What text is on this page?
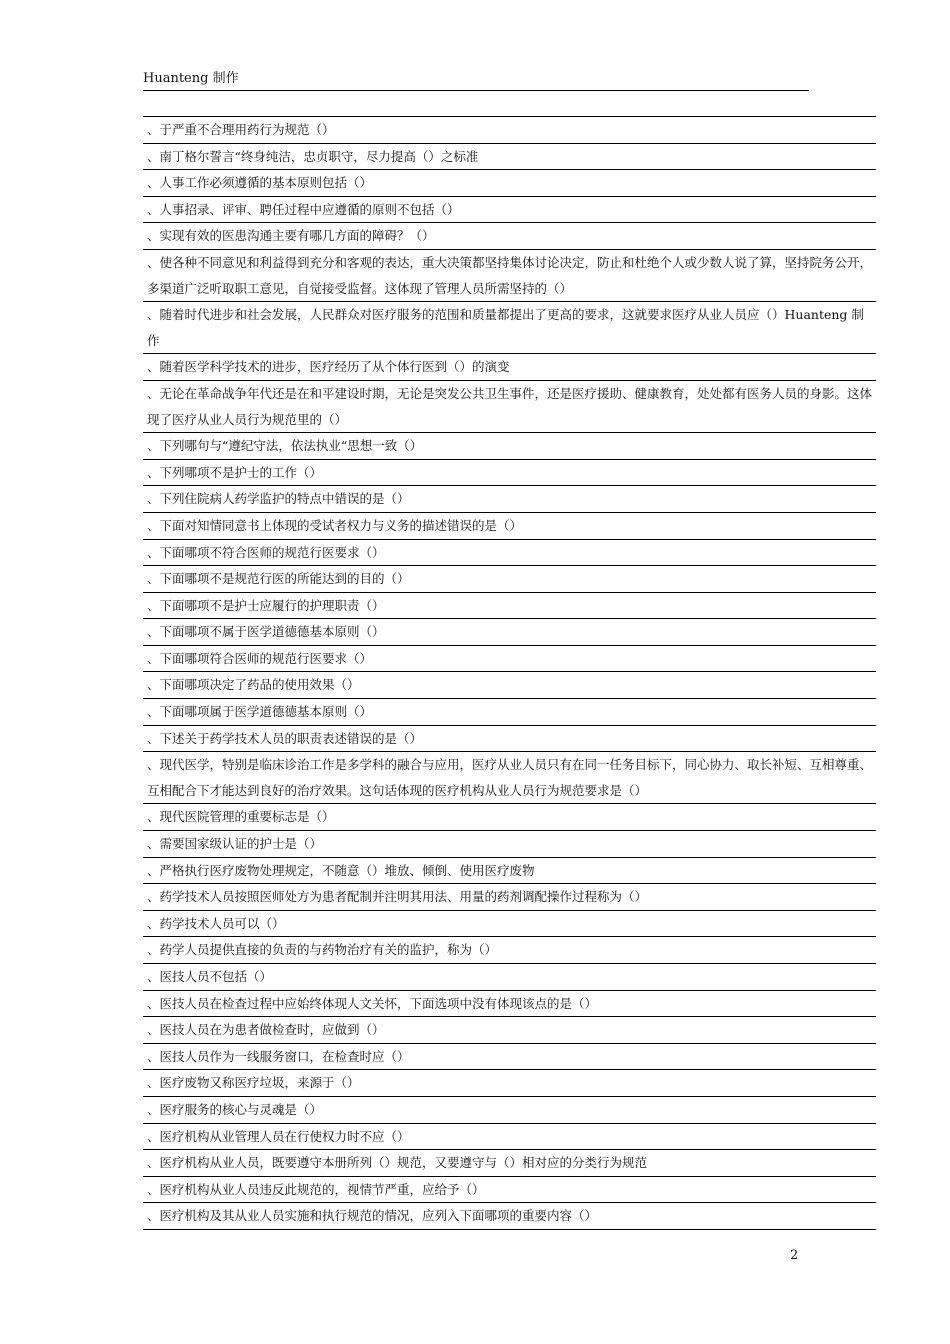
Huanteng 制作
、于严重不合理用药行为规范（）
、南丁格尔誓言“终身纯洁，忠贞职守，尽力提高（）之标准
、人事工作必须遵循的基本原则包括（）
、人事招录、评审、聘任过程中应遵循的原则不包括（）
、实现有效的医患沟通主要有哪几方面的障碍？（）
、使各种不同意见和利益得到充分和客观的表达，重大决策都坚持集体讨论决定，防止和杜绝个人或少数人说了算，坚持院务公开，多渠道广泛听取职工意见，自觉接受监督。这体现了管理人员所需坚持的（）
、随着时代进步和社会发展，人民群众对医疗服务的范围和质量都提出了更高的要求，这就要求医疗从业人员应（）Huanteng 制作
、随着医学科学技术的进步，医疗经历了从个体行医到（）的演变
、无论在革命战争年代还是在和平建设时期，无论是突发公共卫生事件，还是医疗援助、健康教育，处处都有医务人员的身影。这体现了医疗从业人员行为规范里的（）
、下列哪句与“遵纪守法，依法执业“思想一致（）
、下列哪项不是护士的工作（）
、下列住院病人药学监护的特点中错误的是（）
、下面对知情同意书上体现的受试者权力与义务的描述错误的是（）
、下面哪项不符合医师的规范行医要求（）
、下面哪项不是规范行医的所能达到的目的（）
、下面哪项不是护士应履行的护理职责（）
、下面哪项不属于医学道德德基本原则（）
、下面哪项符合医师的规范行医要求（）
、下面哪项决定了药品的使用效果（）
、下面哪项属于医学道德德基本原则（）
、下述关于药学技术人员的职责表述错误的是（）
、现代医学，特别是临床诊治工作是多学科的融合与应用，医疗从业人员只有在同一任务目标下，同心协力、取长补短、互相尊重、互相配合下才能达到良好的治疗效果。这句话体现的医疗机构从业人员行为规范要求是（）
、现代医院管理的重要标志是（）
、需要国家级认证的护士是（）
、严格执行医疗废物处理规定，不随意（）堆放、倾倒、使用医疗废物
、药学技术人员按照医师处方为患者配制并注明其用法、用量的药剂调配操作过程称为（）
、药学技术人员可以（）
、药学人员提供直接的负责的与药物治疗有关的监护，称为（）
、医技人员不包括（）
、医技人员在检查过程中应始终体现人文关怀，下面选项中没有体现该点的是（）
、医技人员在为患者做检查时，应做到（）
、医技人员作为一线服务窗口，在检查时应（）
、医疗废物又称医疗垃圾，来源于（）
、医疗服务的核心与灵魂是（）
、医疗机构从业管理人员在行使权力时不应（）
、医疗机构从业人员，既要遵守本册所列（）规范，又要遵守与（）相对应的分类行为规范
、医疗机构从业人员违反此规范的，视情节严重，应给予（）
、医疗机构及其从业人员实施和执行规范的情况，应列入下面哪项的重要内容（）
2
